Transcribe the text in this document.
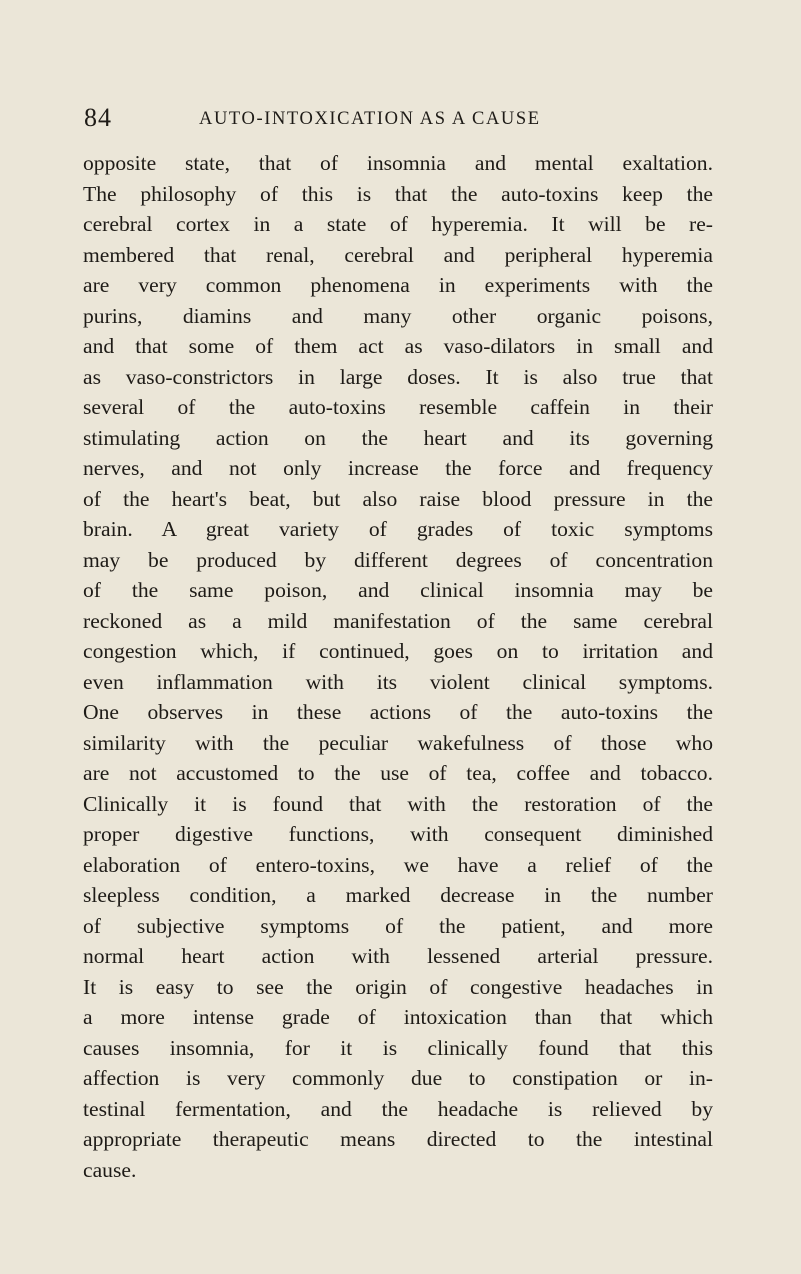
84	AUTO-INTOXICATION AS A CAUSE
opposite state, that of insomnia and mental exaltation.
The philosophy of this is that the auto-toxins keep the
cerebral cortex in a state of hyperemia. It will be re-
membered that renal, cerebral and peripheral hyperemia
are very common phenomena in experiments with the
purins, diamins and many other organic poisons,
and that some of them act as vaso-dilators in small and
as vaso-constrictors in large doses. It is also true that
several of the auto-toxins resemble caffein in their
stimulating action on the heart and its governing
nerves, and not only increase the force and frequency
of the heart's beat, but also raise blood pressure in the
brain. A great variety of grades of toxic symptoms
may be produced by different degrees of concentration
of the same poison, and clinical insomnia may be
reckoned as a mild manifestation of the same cerebral
congestion which, if continued, goes on to irritation and
even inflammation with its violent clinical symptoms.
One observes in these actions of the auto-toxins the
similarity with the peculiar wakefulness of those who
are not accustomed to the use of tea, coffee and tobacco.
Clinically it is found that with the restoration of the
proper digestive functions, with consequent diminished
elaboration of entero-toxins, we have a relief of the
sleepless condition, a marked decrease in the number
of subjective symptoms of the patient, and more
normal heart action with lessened arterial pressure.
It is easy to see the origin of congestive headaches in
a more intense grade of intoxication than that which
causes insomnia, for it is clinically found that this
affection is very commonly due to constipation or in-
testinal fermentation, and the headache is relieved by
appropriate therapeutic means directed to the intestinal
cause.
